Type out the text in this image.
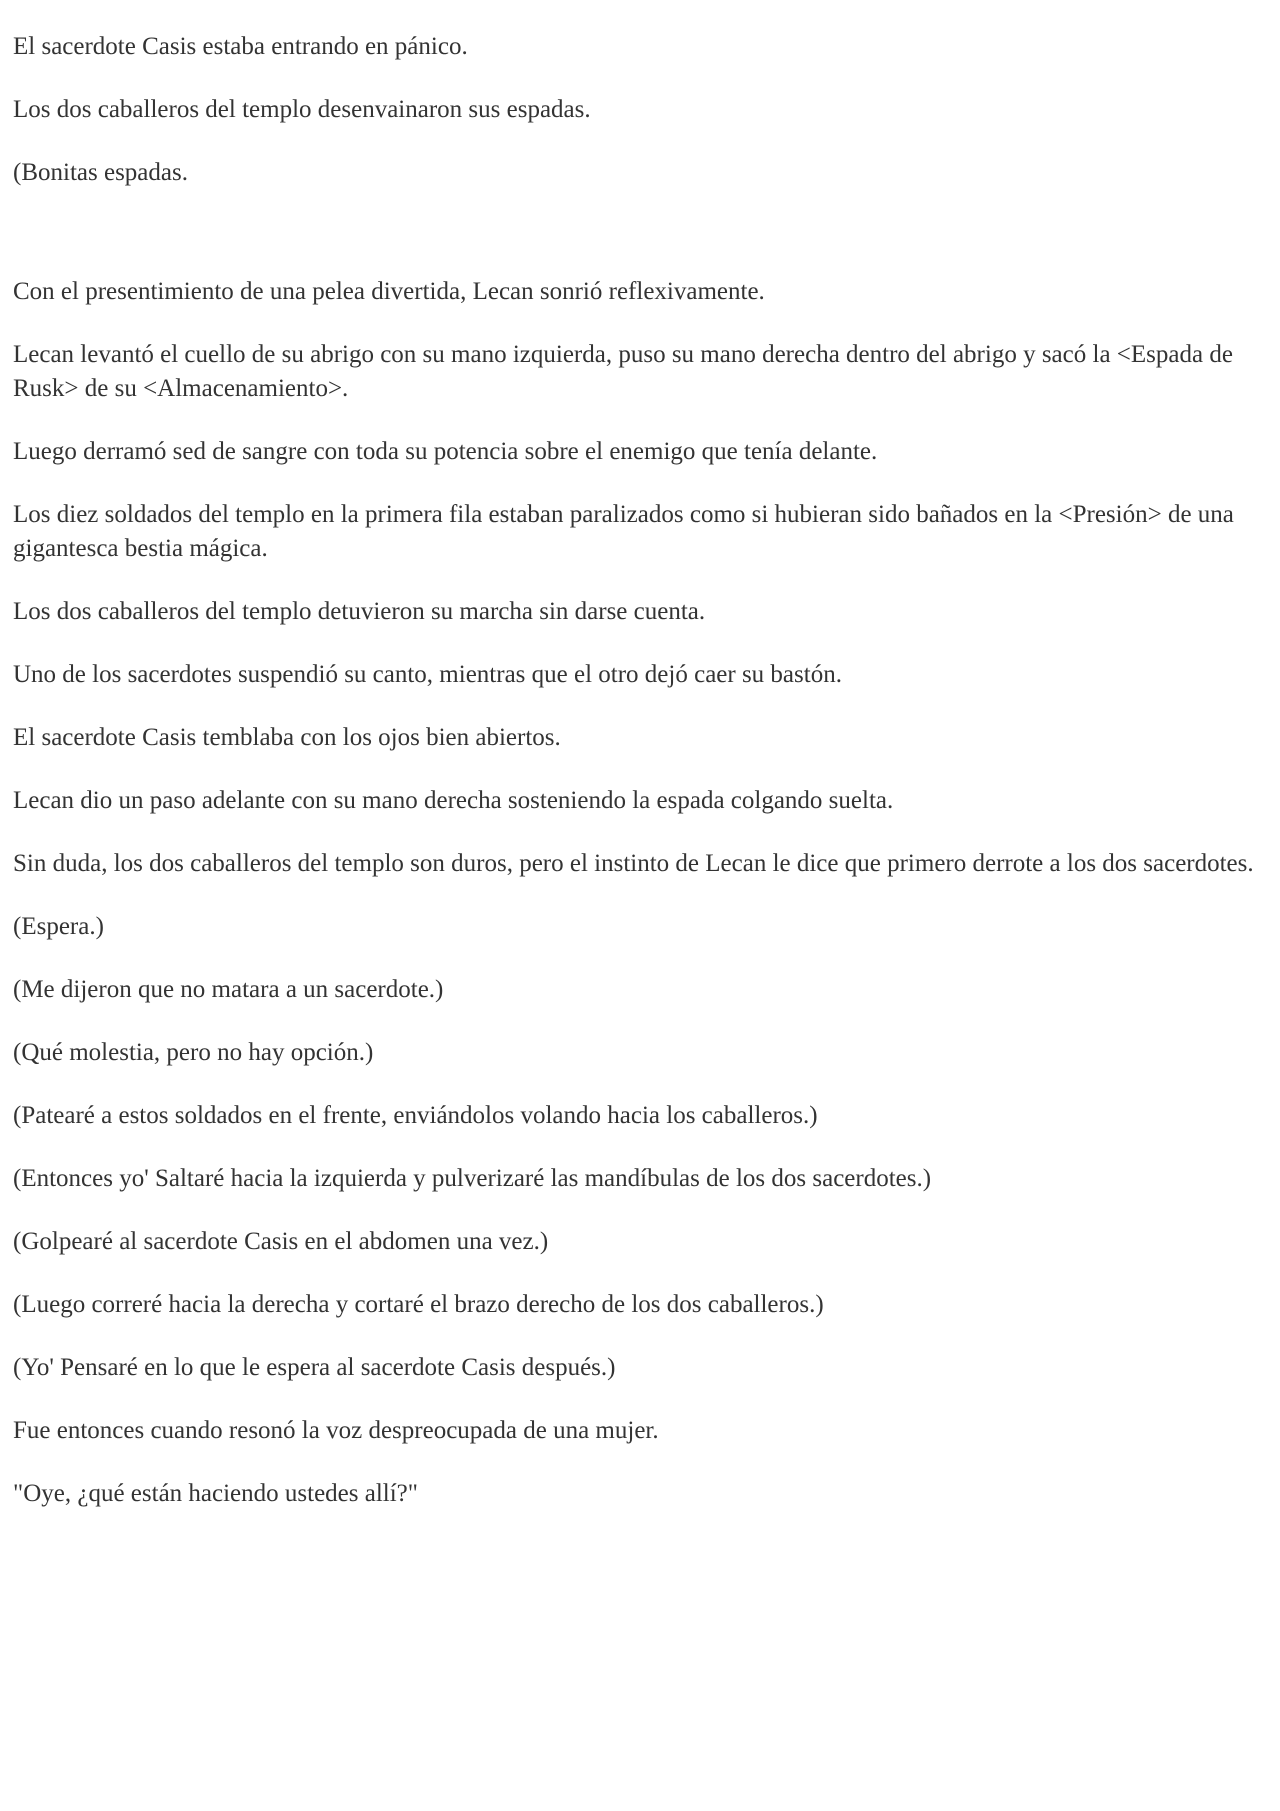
El sacerdote Casis estaba entrando en pánico.

Los dos caballeros del templo desenvainaron sus espadas.

(Bonitas espadas.

Con el presentimiento de una pelea divertida, Lecan sonrió reflexivamente.

Lecan levantó el cuello de su abrigo con su mano izquierda, puso su mano derecha dentro del abrigo y sacó la <Espada de Rusk> de su <Almacenamiento>.

Luego derramó sed de sangre con toda su potencia sobre el enemigo que tenía delante.

Los diez soldados del templo en la primera fila estaban paralizados como si hubieran sido bañados en la <Presión> de una gigantesca bestia mágica.

Los dos caballeros del templo detuvieron su marcha sin darse cuenta.

Uno de los sacerdotes suspendió su canto, mientras que el otro dejó caer su bastón.

El sacerdote Casis temblaba con los ojos bien abiertos.

Lecan dio un paso adelante con su mano derecha sosteniendo la espada colgando suelta.

Sin duda, los dos caballeros del templo son duros, pero el instinto de Lecan le dice que primero derrote a los dos sacerdotes.

(Espera.)

(Me dijeron que no matara a un sacerdote.)

(Qué molestia, pero no hay opción.)

(Patearé a estos soldados en el frente, enviándolos volando hacia los caballeros.)

(Entonces yo' Saltaré hacia la izquierda y pulverizaré las mandíbulas de los dos sacerdotes.)

(Golpearé al sacerdote Casis en el abdomen una vez.)

(Luego correré hacia la derecha y cortaré el brazo derecho de los dos caballeros.)

(Yo' Pensaré en lo que le espera al sacerdote Casis después.)

Fue entonces cuando resonó la voz despreocupada de una mujer.

"Oye, ¿qué están haciendo ustedes allí?"
